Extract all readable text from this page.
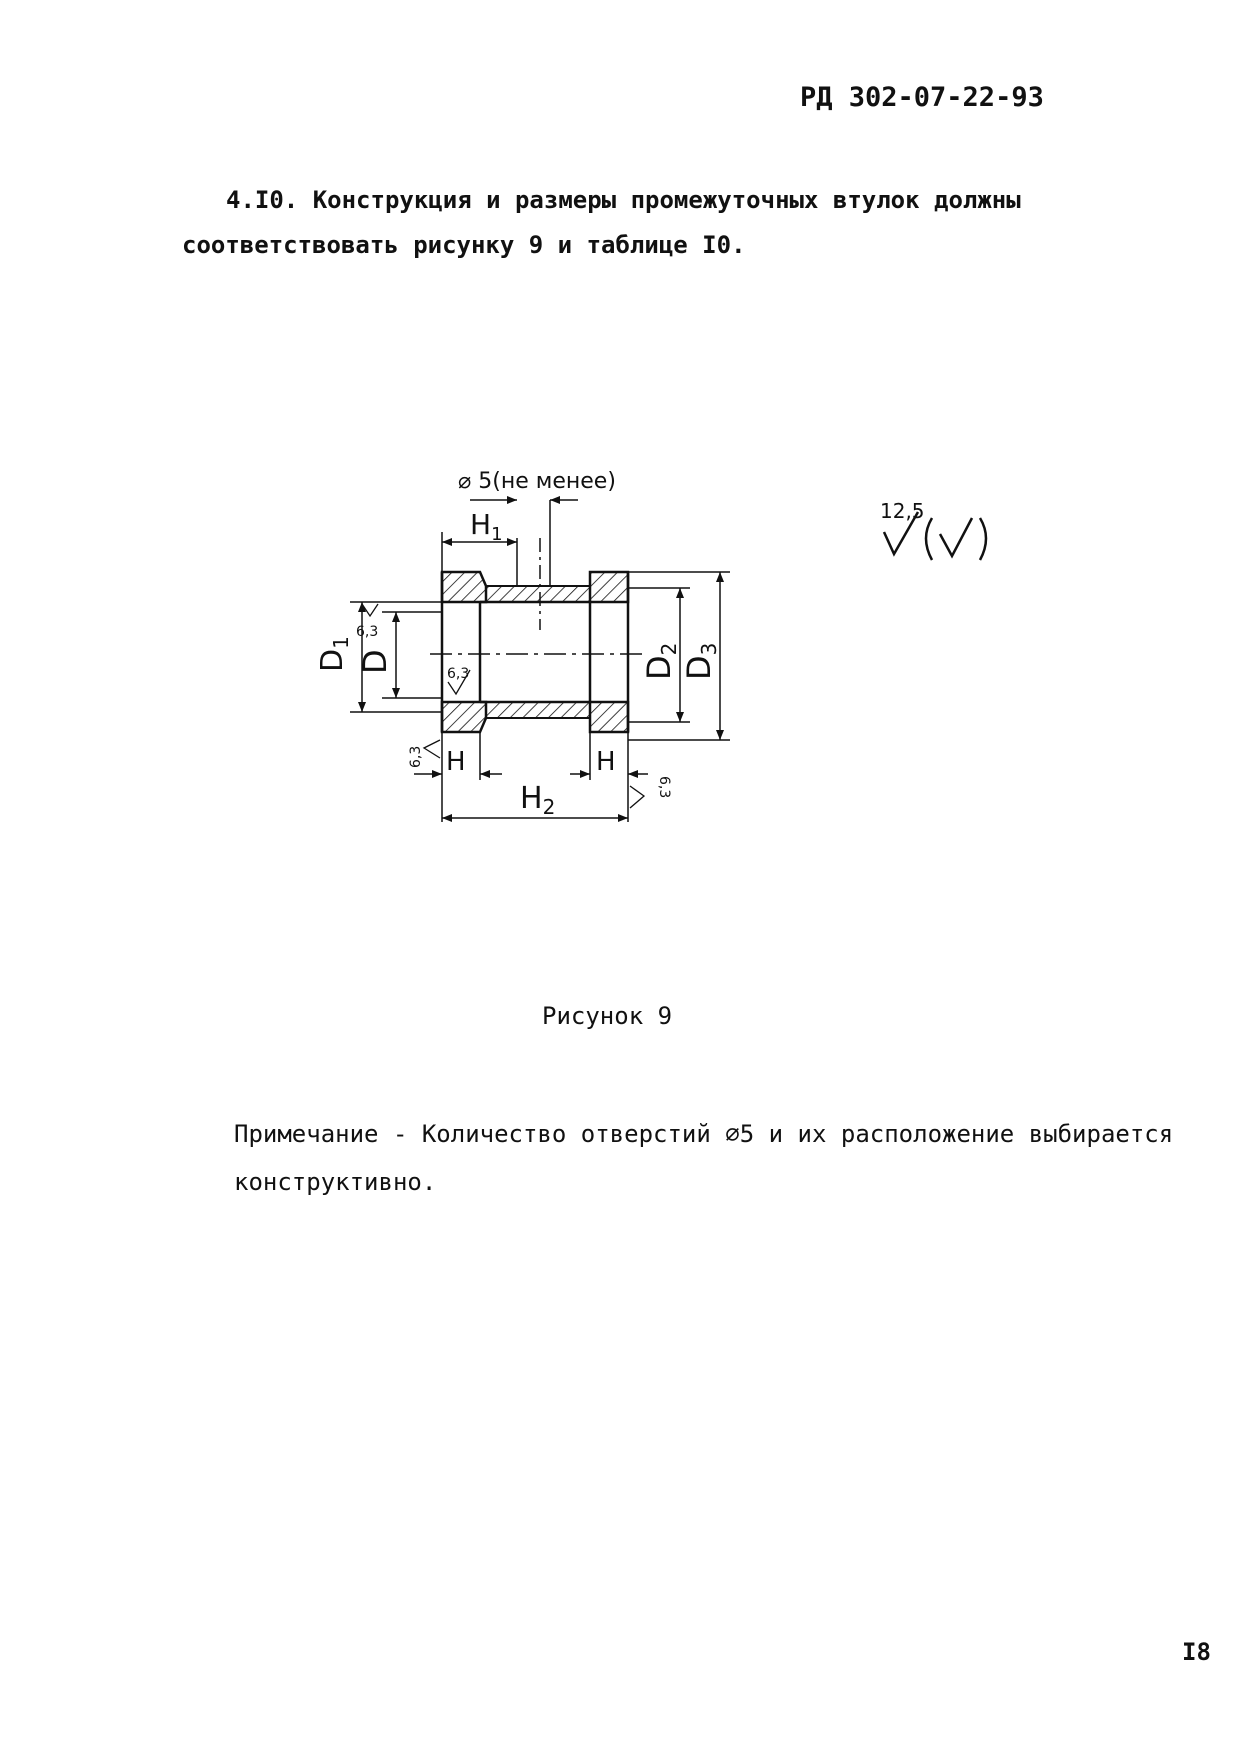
РД 302-07-22-93
4.I0. Конструкция и размеры промежуточных втулок должны
соответствовать рисунку 9 и таблице I0.
12,5
⌀ 5(не менее)
$H_1$
$D_1$
D
6,3
6,3	D2
D3
H
6,3	H
6,3
$H_2$
Рисунок 9
Примечание - Количество отверстий ⌀5 и их расположение выбирается
конструктивно.
I8
